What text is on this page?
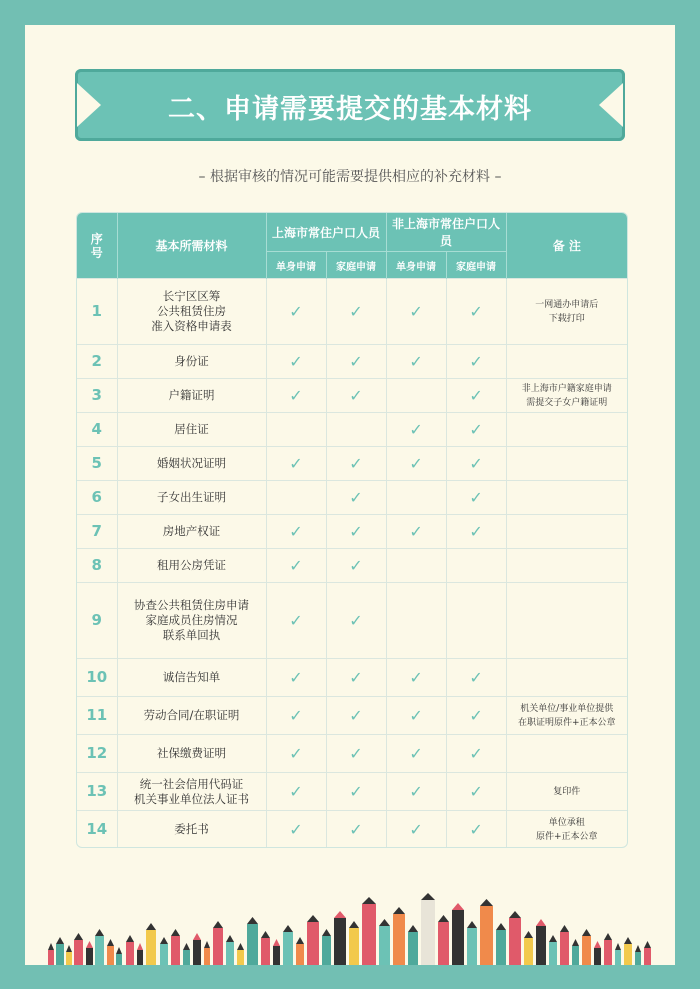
二、申请需要提交的基本材料
– 根据审核的情况可能需要提供相应的补充材料 –
序号	基本所需材料	上海市常住户口人员		非上海市常住户口人员		备 注
		单身申请	家庭申请	单身申请	家庭申请	
1	长宁区区筹
公共租赁住房
准入资格申请表	✓	✓	✓	✓	一网通办申请后
下载打印
2	身份证	✓	✓	✓	✓	
3	户籍证明	✓	✓		✓	非上海市户籍家庭申请
需提交子女户籍证明
4	居住证			✓	✓	
5	婚姻状况证明	✓	✓	✓	✓	
6	子女出生证明		✓		✓	
7	房地产权证	✓	✓	✓	✓	
8	租用公房凭证	✓	✓			
9	协查公共租赁住房申请
家庭成员住房情况
联系单回执	✓	✓			
10	诚信告知单	✓	✓	✓	✓	
11	劳动合同/在职证明	✓	✓	✓	✓	机关单位/事业单位提供
在职证明原件+正本公章
12	社保缴费证明	✓	✓	✓	✓	
13	统一社会信用代码证
机关事业单位法人证书	✓	✓	✓	✓	复印件
14	委托书	✓	✓	✓	✓	单位承租
原件+正本公章
